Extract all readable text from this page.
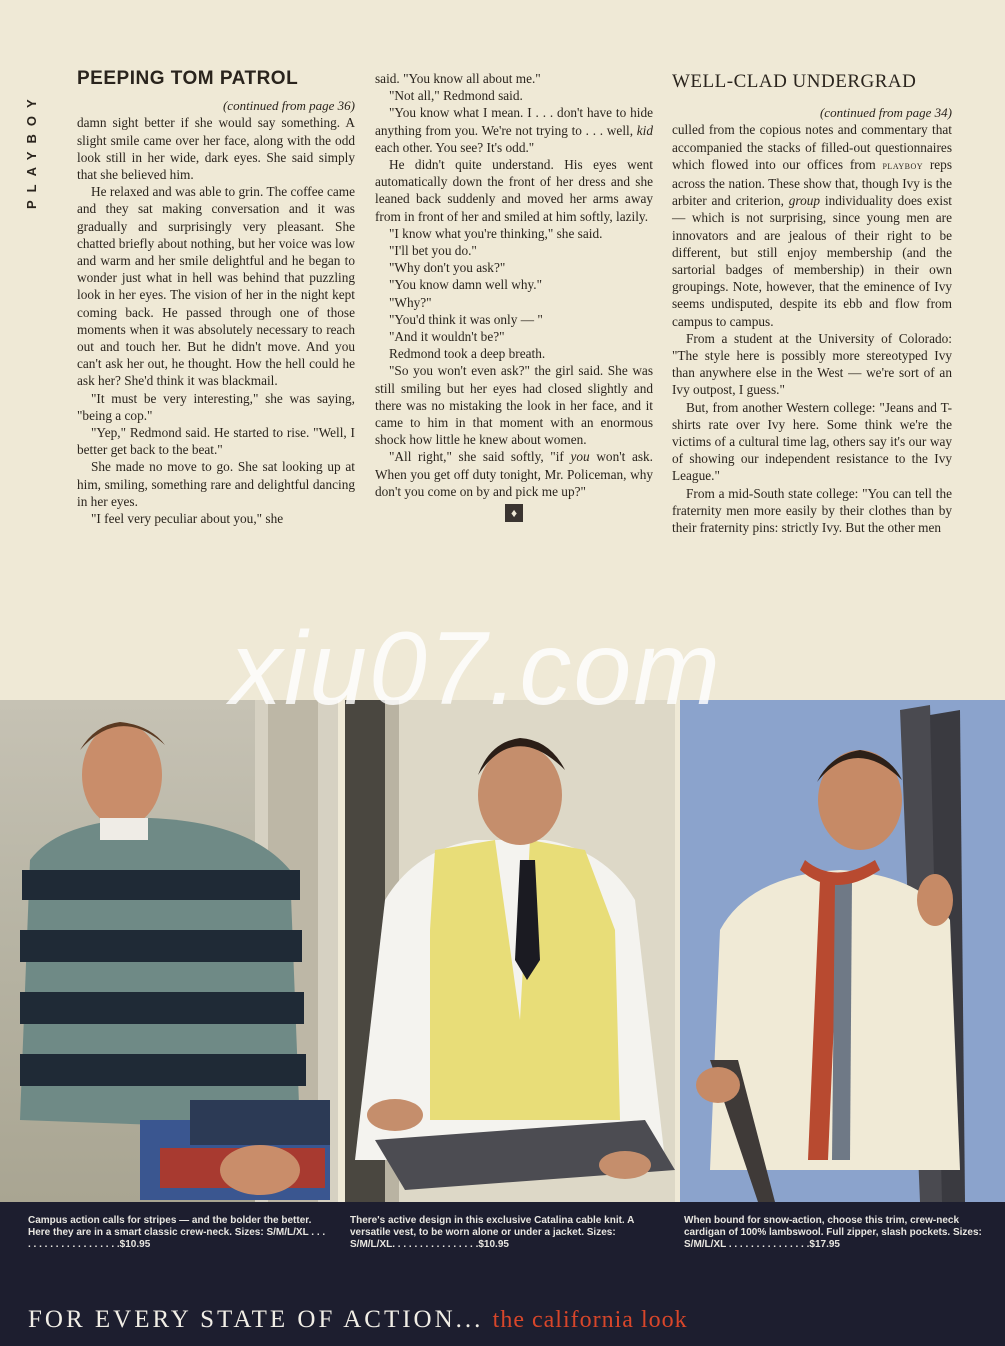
PLAYBOY
PEEPING TOM PATROL

(continued from page 36)

damn sight better if she would say something. A slight smile came over her face, along with the odd look still in her wide, dark eyes. She said simply that she believed him.

He relaxed and was able to grin. The coffee came and they sat making conversation and it was gradually and surprisingly very pleasant. She chatted briefly about nothing, but her voice was low and warm and her smile delightful and he began to wonder just what in hell was behind that puzzling look in her eyes. The vision of her in the night kept coming back. He passed through one of those moments when it was absolutely necessary to reach out and touch her. But he didn't move. And you can't ask her out, he thought. How the hell could he ask her? She'd think it was blackmail.

"It must be very interesting," she was saying, "being a cop."

"Yep," Redmond said. He started to rise. "Well, I better get back to the beat."

She made no move to go. She sat looking up at him, smiling, something rare and delightful dancing in her eyes.

"I feel very peculiar about you," she

said. "You know all about me."

"Not all," Redmond said.

"You know what I mean. I . . . don't have to hide anything from you. We're not trying to . . . well, kid each other. You see? It's odd."

He didn't quite understand. His eyes went automatically down the front of her dress and she leaned back suddenly and moved her arms away from in front of her and smiled at him softly, lazily.

"I know what you're thinking," she said.

"I'll bet you do."

"Why don't you ask?"

"You know damn well why."

"Why?"

"You'd think it was only — "

"And it wouldn't be?"

Redmond took a deep breath.

"So you won't even ask?" the girl said. She was still smiling but her eyes had closed slightly and there was no mistaking the look in her face, and it came to him in that moment with an enormous shock how little he knew about women.

"All right," she said softly, "if you won't ask. When you get off duty tonight, Mr. Policeman, why don't you come on by and pick me up?"

♦
WELL-CLAD UNDERGRAD

(continued from page 34)

culled from the copious notes and commentary that accompanied the stacks of filled-out questionnaires which flowed into our offices from playboy reps across the nation. These show that, though Ivy is the arbiter and criterion, group individuality does exist — which is not surprising, since young men are innovators and are jealous of their right to be different, but still enjoy membership (and the sartorial badges of membership) in their own groupings. Note, however, that the eminence of Ivy seems undisputed, despite its ebb and flow from campus to campus.

From a student at the University of Colorado: "The style here is possibly more stereotyped Ivy than anywhere else in the West — we're sort of an Ivy outpost, I guess."

But, from another Western college: "Jeans and T-shirts rate over Ivy here. Some think we're the victims of a cultural time lag, others say it's our way of showing our independent resistance to the Ivy League."

From a mid-South state college: "You can tell the fraternity men more easily by their clothes than by their fraternity pins: strictly Ivy. But the other men

xiu07.com
Campus action calls for stripes — and the bolder the better. Here they are in a smart classic crew-neck. Sizes: S/M/L/XL . . . . . . . . . . . . . . . . . . . .$10.95
There's active design in this exclusive Catalina cable knit. A versatile vest, to be worn alone or under a jacket. Sizes: S/M/L/XL. . . . . . . . . . . . . . . .$10.95
When bound for snow-action, choose this trim, crew-neck cardigan of 100% lambswool. Full zipper, slash pockets. Sizes: S/M/L/XL . . . . . . . . . . . . . . .$17.95
FOR EVERY STATE OF ACTION... the california look
